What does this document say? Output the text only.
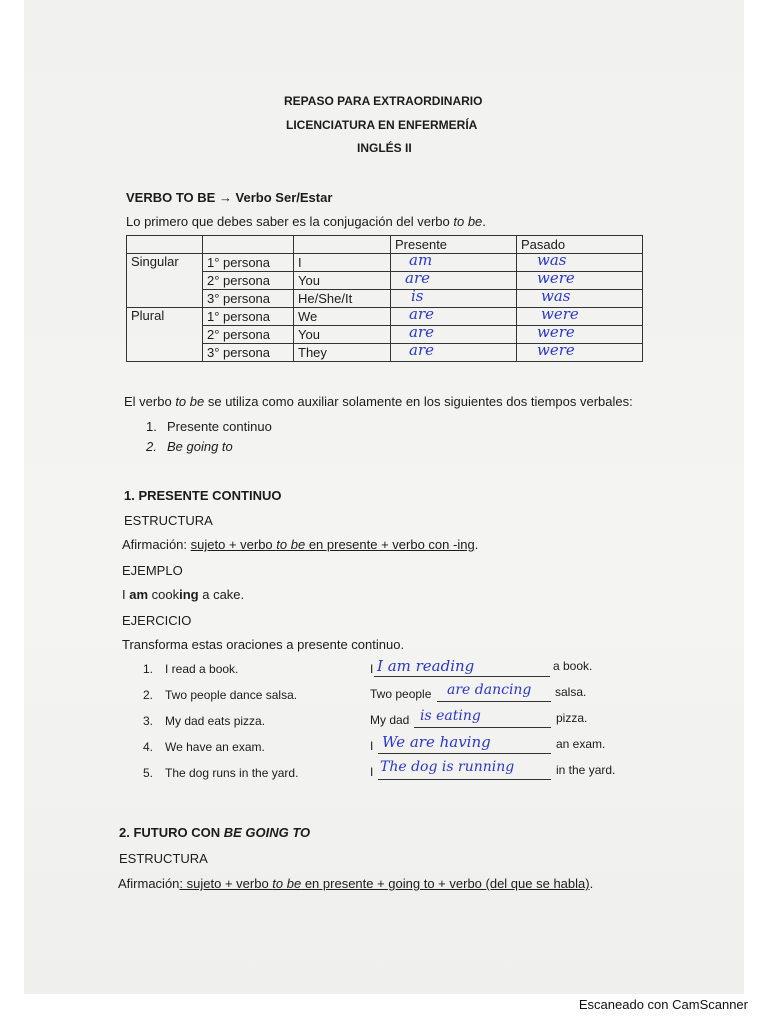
REPASO PARA EXTRAORDINARIO
LICENCIATURA EN ENFERMERÍA
INGLÉS II
VERBO TO BE → Verbo Ser/Estar
Lo primero que debes saber es la conjugación del verbo to be.
			Presente	Pasado
Singular	1° persona	I	am	was

	2° persona	You	are	were

	3° persona	He/She/It	is	was

Plural	1° persona	We	are	were

	2° persona	You	are	were

	3° persona	They	are	were
El verbo to be se utiliza como auxiliar solamente en los siguientes dos tiempos verbales:
1. Presente continuo
2. Be going to
1. PRESENTE CONTINUO
ESTRUCTURA
Afirmación: sujeto + verbo to be en presente + verbo con -ing.
EJEMPLO
I am cooking a cake.
EJERCICIO
Transforma estas oraciones a presente continuo.
1. I read a book.	I I am reading	a book.
2. Two people dance salsa.	Two people are dancing salsa.
3. My dad eats pizza.	My dad is eating	pizza.
4. We have an exam.	I We are having	an exam.
5. The dog runs in the yard.	I The dog is running	in the yard.
2. FUTURO CON BE GOING TO
ESTRUCTURA
Afirmación: sujeto + verbo to be en presente + going to + verbo (del que se habla).
Escaneado con CamScanner
